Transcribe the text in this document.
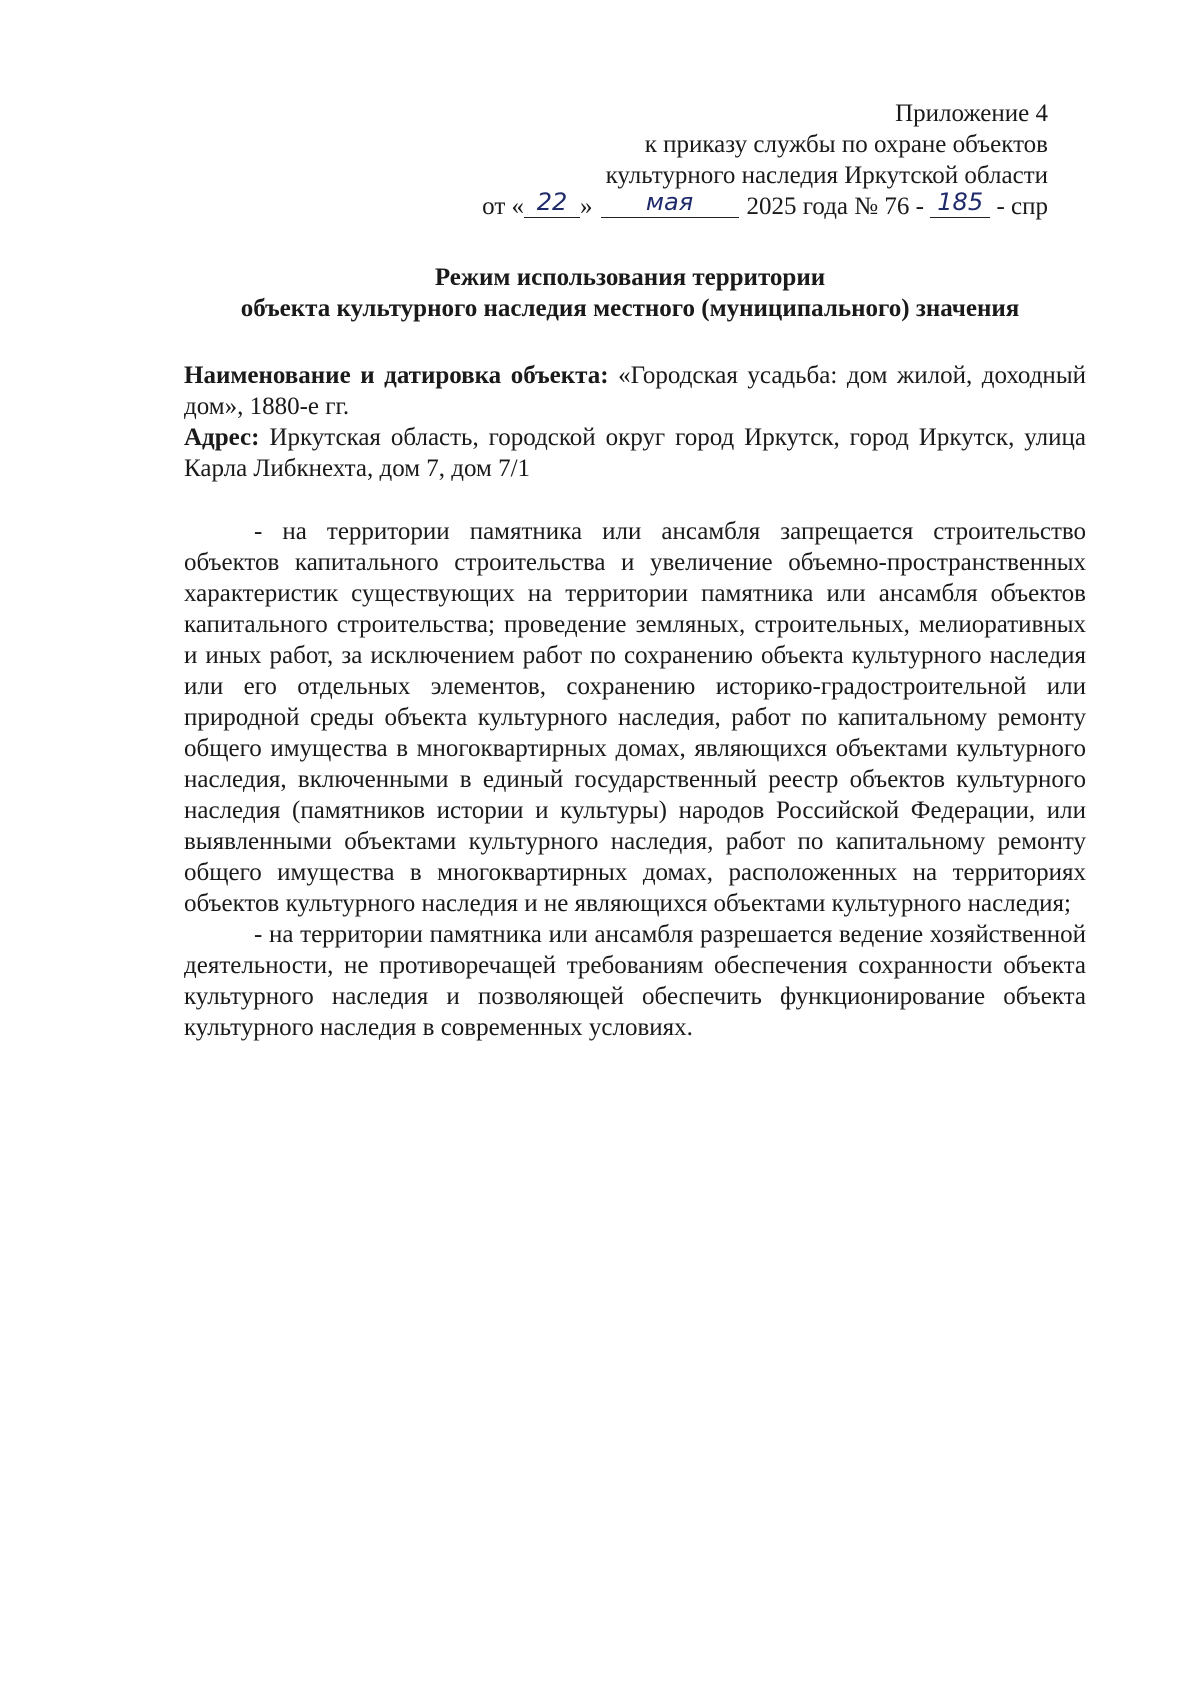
Приложение 4
к приказу службы по охране объектов
культурного наследия Иркутской области
от « 22 » мая 2025 года № 76 - 185 - спр
Режим использования территории
объекта культурного наследия местного (муниципального) значения

Наименование и датировка объекта: «Городская усадьба: дом жилой, доходный дом», 1880-е гг.

Адрес: Иркутская область, городской округ город Иркутск, город Иркутск, улица Карла Либкнехта, дом 7, дом 7/1

- на территории памятника или ансамбля запрещается строительство объектов капитального строительства и увеличение объемно-пространственных характеристик существующих на территории памятника или ансамбля объектов капитального строительства; проведение земляных, строительных, мелиоративных и иных работ, за исключением работ по сохранению объекта культурного наследия или его отдельных элементов, сохранению историко-градостроительной или природной среды объекта культурного наследия, работ по капитальному ремонту общего имущества в многоквартирных домах, являющихся объектами культурного наследия, включенными в единый государственный реестр объектов культурного наследия (памятников истории и культуры) народов Российской Федерации, или выявленными объектами культурного наследия, работ по капитальному ремонту общего имущества в многоквартирных домах, расположенных на территориях объектов культурного наследия и не являющихся объектами культурного наследия;

- на территории памятника или ансамбля разрешается ведение хозяйственной деятельности, не противоречащей требованиям обеспечения сохранности объекта культурного наследия и позволяющей обеспечить функционирование объекта культурного наследия в современных условиях.
